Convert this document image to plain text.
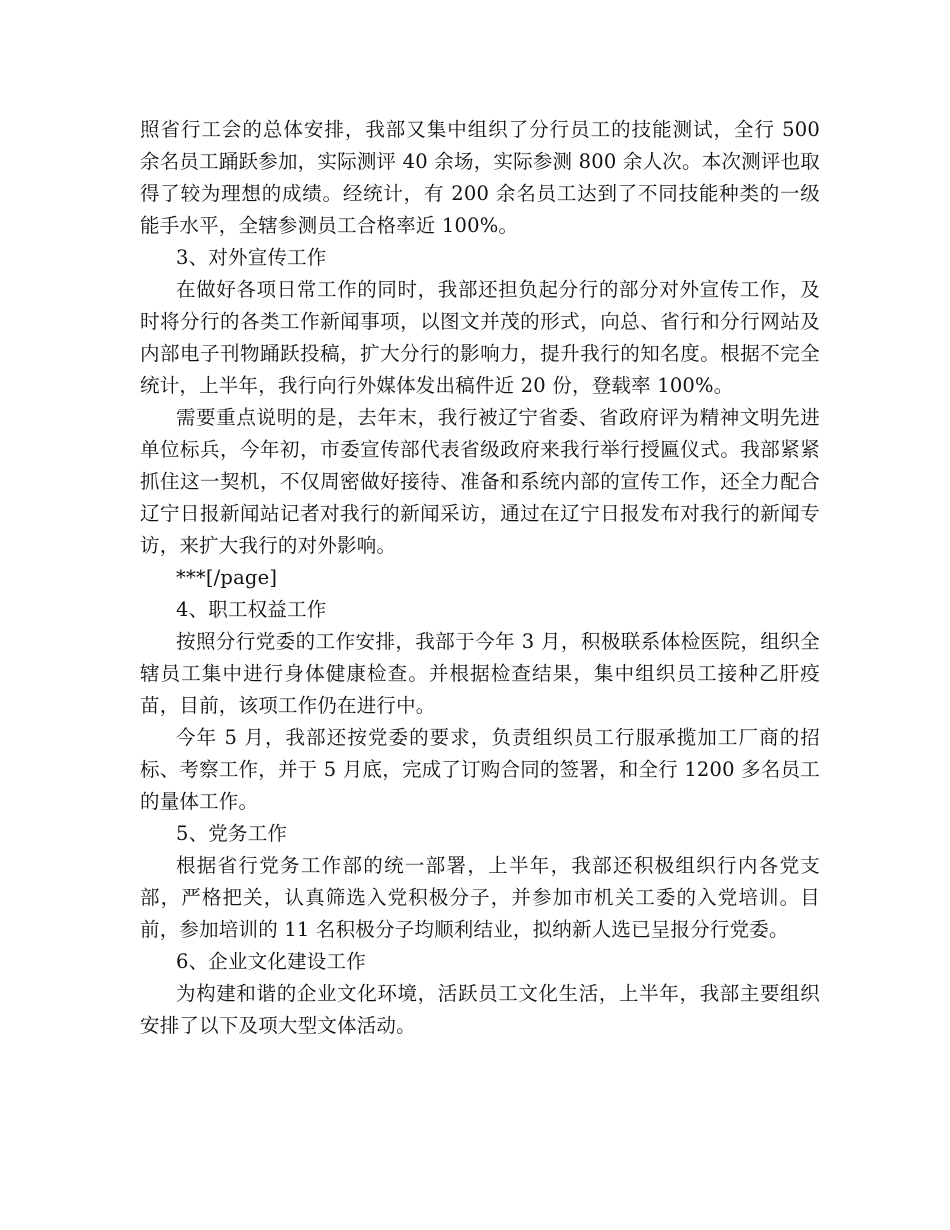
照省行工会的总体安排，我部又集中组织了分行员工的技能测试，全行 500 余名员工踊跃参加，实际测评 40 余场，实际参测 800 余人次。本次测评也取得了较为理想的成绩。经统计，有 200 余名员工达到了不同技能种类的一级能手水平，全辖参测员工合格率近 100%。

3、对外宣传工作

在做好各项日常工作的同时，我部还担负起分行的部分对外宣传工作，及时将分行的各类工作新闻事项，以图文并茂的形式，向总、省行和分行网站及内部电子刊物踊跃投稿，扩大分行的影响力，提升我行的知名度。根据不完全统计，上半年，我行向行外媒体发出稿件近 20 份，登载率 100%。

需要重点说明的是，去年末，我行被辽宁省委、省政府评为精神文明先进单位标兵，今年初，市委宣传部代表省级政府来我行举行授匾仪式。我部紧紧抓住这一契机，不仅周密做好接待、准备和系统内部的宣传工作，还全力配合辽宁日报新闻站记者对我行的新闻采访，通过在辽宁日报发布对我行的新闻专访，来扩大我行的对外影响。

***[/page]

4、职工权益工作

按照分行党委的工作安排，我部于今年 3 月，积极联系体检医院，组织全辖员工集中进行身体健康检查。并根据检查结果，集中组织员工接种乙肝疫苗，目前，该项工作仍在进行中。

今年 5 月，我部还按党委的要求，负责组织员工行服承揽加工厂商的招标、考察工作，并于 5 月底，完成了订购合同的签署，和全行 1200 多名员工的量体工作。

5、党务工作

根据省行党务工作部的统一部署，上半年，我部还积极组织行内各党支部，严格把关，认真筛选入党积极分子，并参加市机关工委的入党培训。目前，参加培训的 11 名积极分子均顺利结业，拟纳新人选已呈报分行党委。

6、企业文化建设工作

为构建和谐的企业文化环境，活跃员工文化生活，上半年，我部主要组织安排了以下及项大型文体活动。
